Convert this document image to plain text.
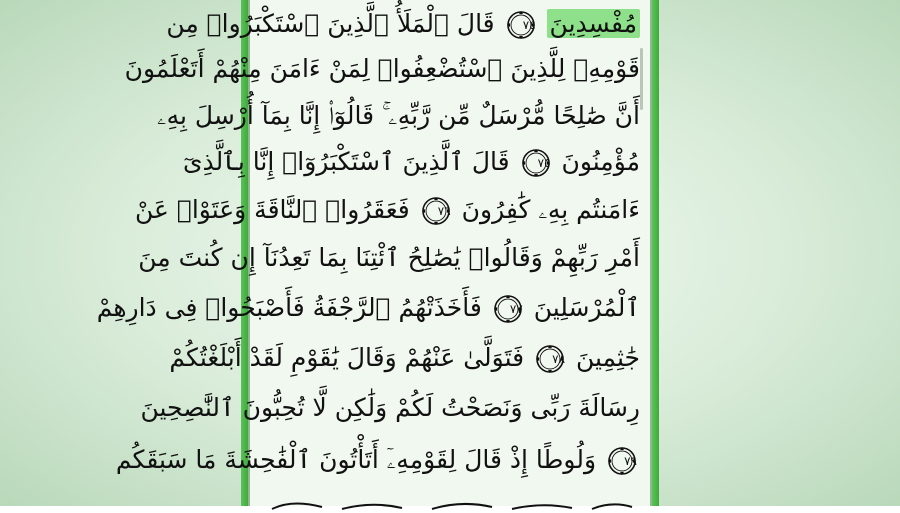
مُفْسِدِينَ
٧٤
قَالَ ٱلْمَلَأُ ٱلَّذِينَ ٱسْتَكْبَرُوا۟ مِن
قَوْمِهِۦ لِلَّذِينَ ٱسْتُضْعِفُوا۟ لِمَنْ ءَامَنَ مِنْهُمْ أَتَعْلَمُونَ
أَنَّ صَٰلِحًا مُّرْسَلٌ مِّن رَّبِّهِۦ ۚ قَالُوٓا۟ إِنَّا بِمَآ أُرْسِلَ بِهِۦ
مُؤْمِنُونَ
٧٥
قَالَ ٱلَّذِينَ ٱسْتَكْبَرُوٓا۟ إِنَّا بِٱلَّذِىٓ
ءَامَنتُم بِهِۦ كَٰفِرُونَ
٧٦
فَعَقَرُوا۟ ٱلنَّاقَةَ وَعَتَوْا۟ عَنْ
أَمْرِ رَبِّهِمْ وَقَالُوا۟ يَٰصَٰلِحُ ٱئْتِنَا بِمَا تَعِدُنَآ إِن كُنتَ مِنَ
ٱلْمُرْسَلِينَ
٧٧
فَأَخَذَتْهُمُ ٱلرَّجْفَةُ فَأَصْبَحُوا۟ فِى دَارِهِمْ
جَٰثِمِينَ
٧٨
فَتَوَلَّىٰ عَنْهُمْ وَقَالَ يَٰقَوْمِ لَقَدْ أَبْلَغْتُكُمْ
رِسَالَةَ رَبِّى وَنَصَحْتُ لَكُمْ وَلَٰكِن لَّا تُحِبُّونَ ٱلنَّٰصِحِينَ
٧٩
وَلُوطًا إِذْ قَالَ لِقَوْمِهِۦٓ أَتَأْتُونَ ٱلْفَٰحِشَةَ مَا سَبَقَكُم
